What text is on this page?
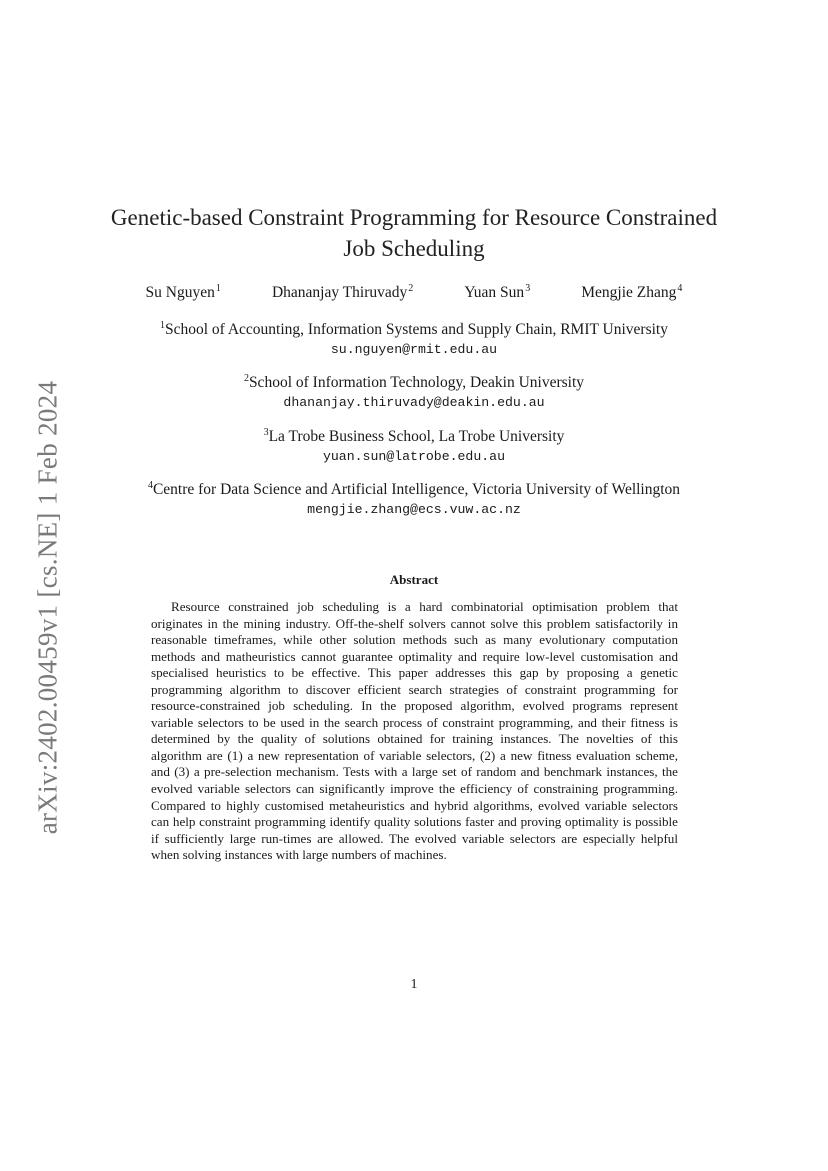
arXiv:2402.00459v1 [cs.NE] 1 Feb 2024
Genetic-based Constraint Programming for Resource Constrained Job Scheduling
Su Nguyen$^1$	Dhananjay Thiruvady$^2$	Yuan Sun$^3$	Mengjie Zhang$^4$
$^1$School of Accounting, Information Systems and Supply Chain, RMIT University
su.nguyen@rmit.edu.au
$^2$School of Information Technology, Deakin University
dhananjay.thiruvady@deakin.edu.au
$^3$La Trobe Business School, La Trobe University
yuan.sun@latrobe.edu.au
$^4$Centre for Data Science and Artificial Intelligence, Victoria University of Wellington
mengjie.zhang@ecs.vuw.ac.nz
Abstract

Resource constrained job scheduling is a hard combinatorial optimisation problem that originates in the mining industry. Off-the-shelf solvers cannot solve this problem satisfactorily in reasonable timeframes, while other solution methods such as many evolutionary computation methods and matheuristics cannot guarantee optimality and require low-level customisation and specialised heuristics to be effective. This paper addresses this gap by proposing a genetic programming algorithm to discover efficient search strategies of constraint programming for resource-constrained job scheduling. In the proposed algorithm, evolved programs represent variable selectors to be used in the search process of constraint programming, and their fitness is determined by the quality of solutions obtained for training instances. The novelties of this algorithm are (1) a new representation of variable selectors, (2) a new fitness evaluation scheme, and (3) a pre-selection mechanism. Tests with a large set of random and benchmark instances, the evolved variable selectors can significantly improve the efficiency of constraining programming. Compared to highly customised metaheuristics and hybrid algorithms, evolved variable selectors can help constraint programming identify quality solutions faster and proving optimality is possible if sufficiently large run-times are allowed. The evolved variable selectors are especially helpful when solving instances with large numbers of machines.

1
